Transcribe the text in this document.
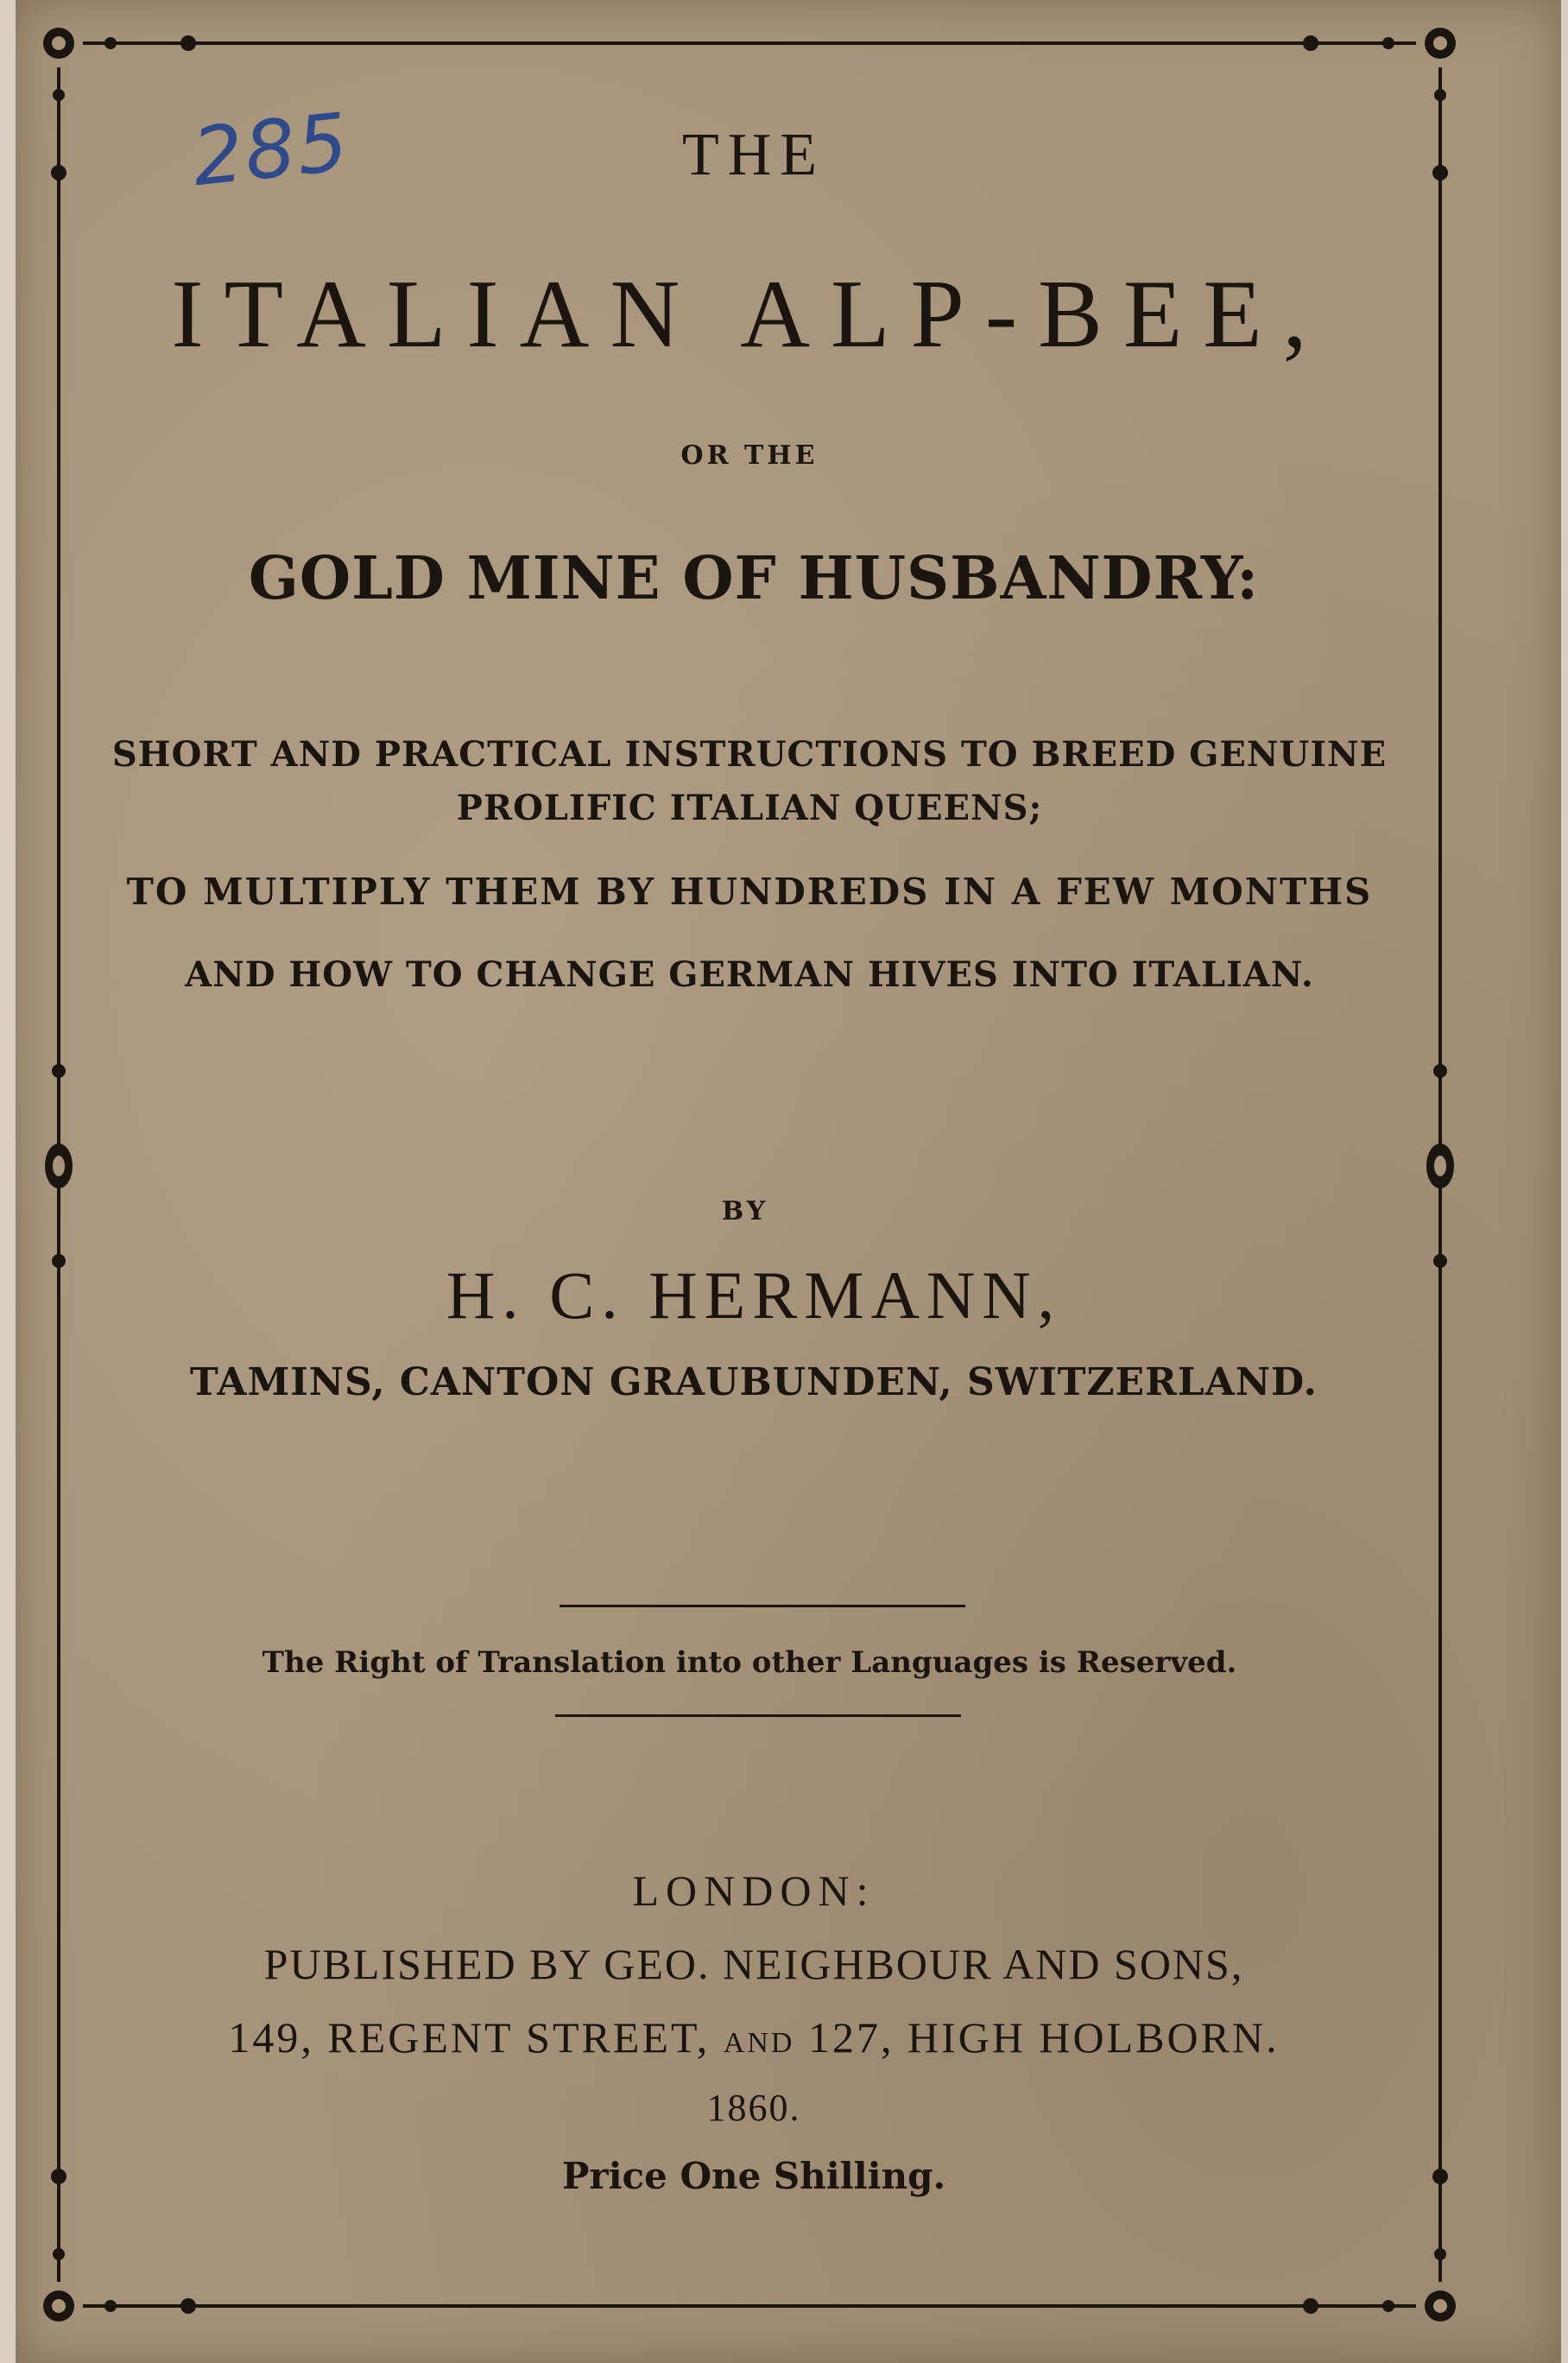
285	THE
ITALIAN ALP-BEE,
OR THE
GOLD MINE OF HUSBANDRY:
SHORT AND PRACTICAL INSTRUCTIONS TO BREED GENUINE
PROLIFIC ITALIAN QUEENS;
TO MULTIPLY THEM BY HUNDREDS IN A FEW MONTHS
AND HOW TO CHANGE GERMAN HIVES INTO ITALIAN.
BY
H. C. HERMANN,
TAMINS, CANTON GRAUBUNDEN, SWITZERLAND.
The Right of Translation into other Languages is Reserved.
LONDON:
PUBLISHED BY GEO. NEIGHBOUR AND SONS,
149, REGENT STREET, AND 127, HIGH HOLBORN.
1860.
Price One Shilling.
